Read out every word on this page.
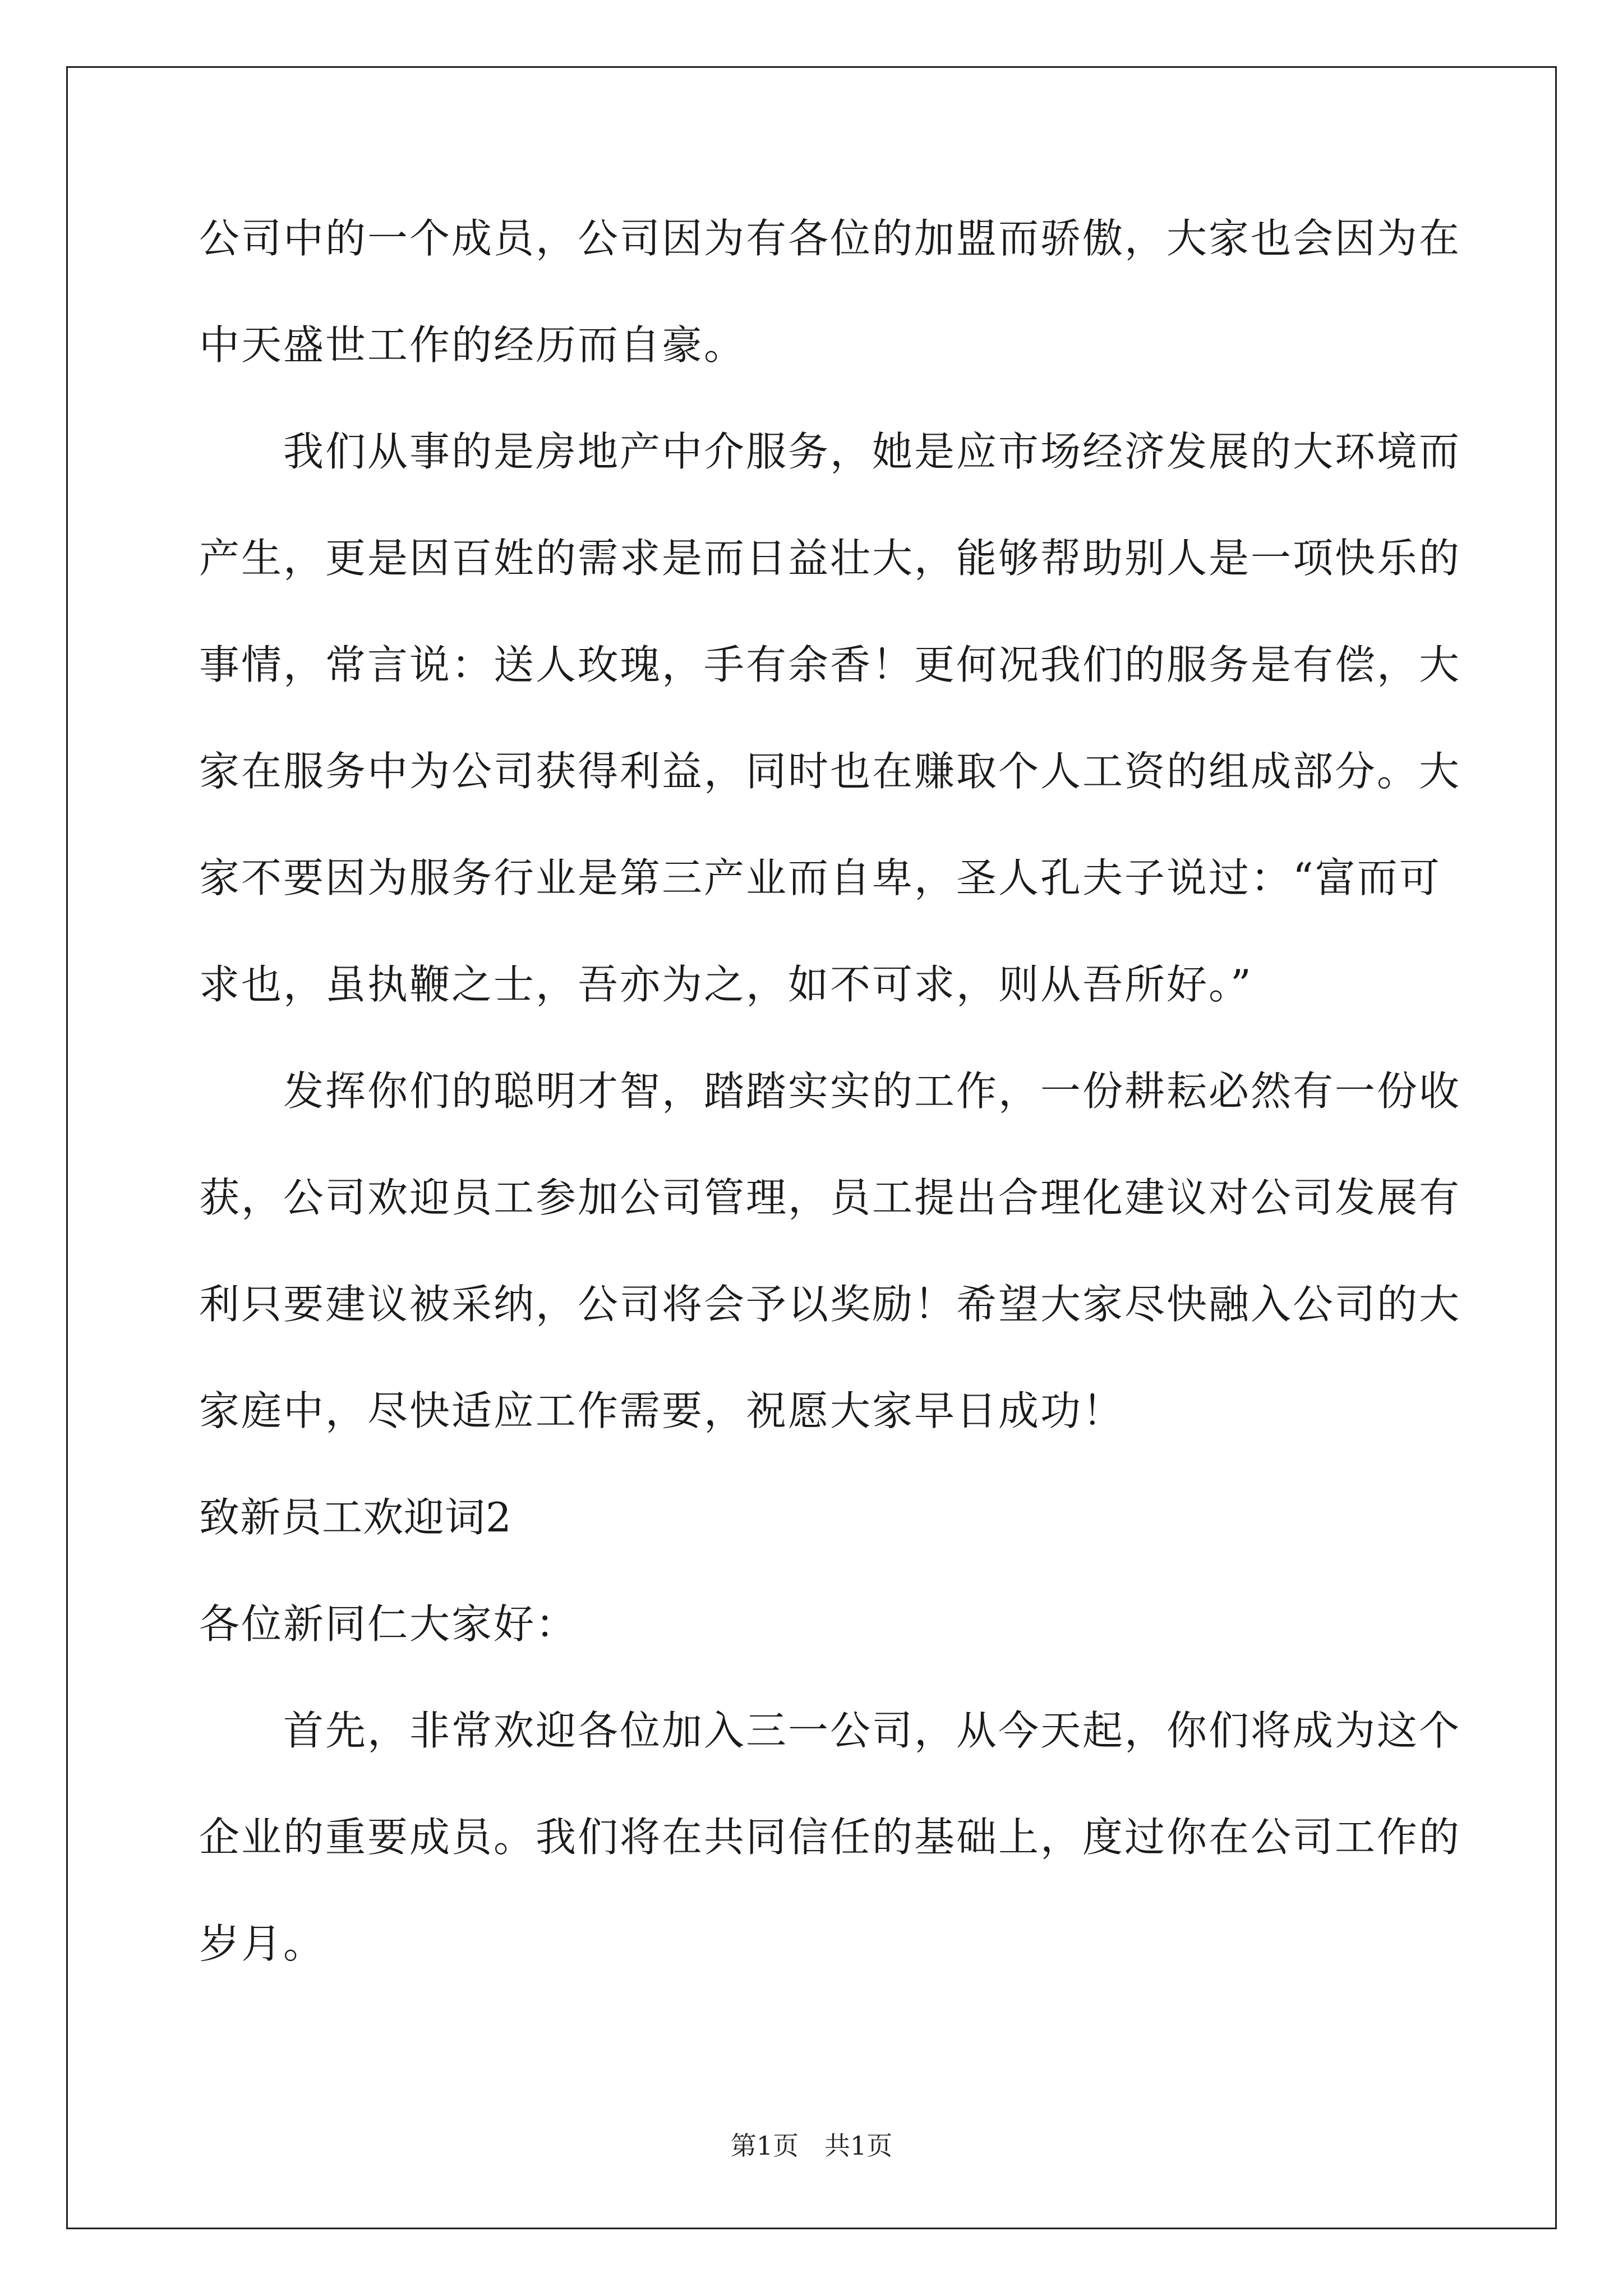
公司中的一个成员，公司因为有各位的加盟而骄傲，大家也会因为在
中天盛世工作的经历而自豪。
我们从事的是房地产中介服务，她是应市场经济发展的大环境而
产生，更是因百姓的需求是而日益壮大，能够帮助别人是一项快乐的
事情，常言说：送人玫瑰，手有余香！更何况我们的服务是有偿，大
家在服务中为公司获得利益，同时也在赚取个人工资的组成部分。大
家不要因为服务行业是第三产业而自卑，圣人孔夫子说过：“富而可
求也，虽执鞭之士，吾亦为之，如不可求，则从吾所好。”
发挥你们的聪明才智，踏踏实实的工作，一份耕耘必然有一份收
获，公司欢迎员工参加公司管理，员工提出合理化建议对公司发展有
利只要建议被采纳，公司将会予以奖励！希望大家尽快融入公司的大
家庭中，尽快适应工作需要，祝愿大家早日成功！
致新员工欢迎词2
各位新同仁大家好：
首先，非常欢迎各位加入三一公司，从今天起，你们将成为这个
企业的重要成员。我们将在共同信任的基础上，度过你在公司工作的
岁月。
第1页　共1页
